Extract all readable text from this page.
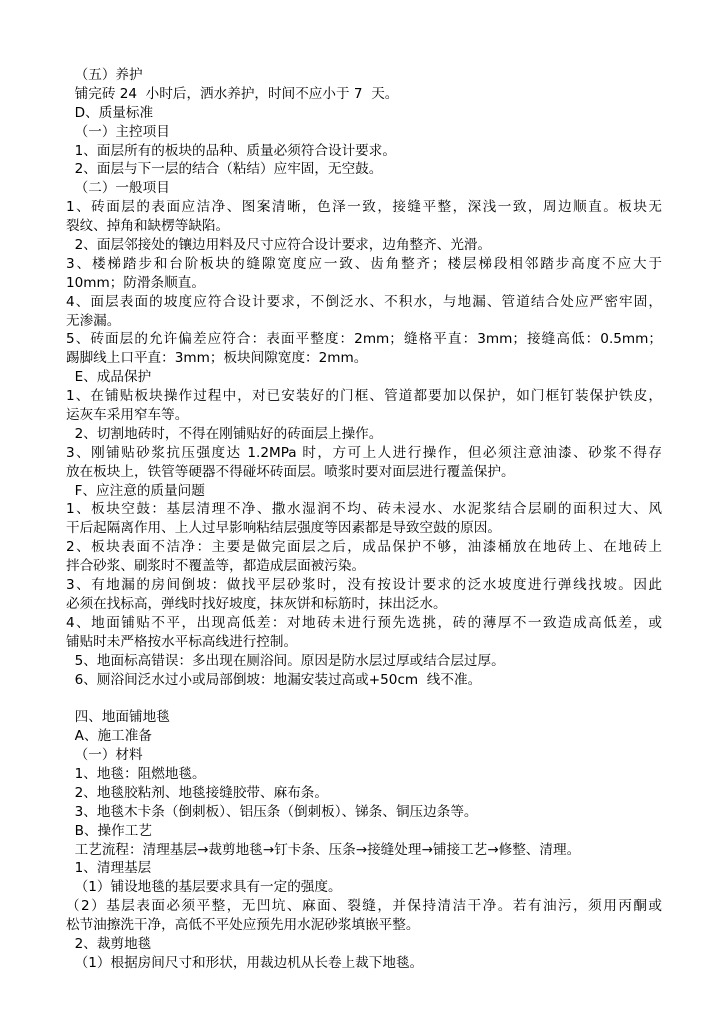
（五）养护
铺完砖 24  小时后，洒水养护，时间不应小于 7  天。
D、质量标准
（一）主控项目
1、面层所有的板块的品种、质量必须符合设计要求。
2、面层与下一层的结合（粘结）应牢固，无空鼓。
（二）一般项目
1、砖面层的表面应洁净、图案清晰，色泽一致，接缝平整，深浅一致，周边顺直。板块无
裂纹、掉角和缺楞等缺陷。
2、面层邻接处的镶边用料及尺寸应符合设计要求，边角整齐、光滑。
3、楼梯踏步和台阶板块的缝隙宽度应一致、齿角整齐；楼层梯段相邻踏步高度不应大于
10mm；防滑条顺直。
4、面层表面的坡度应符合设计要求，不倒泛水、不积水，与地漏、管道结合处应严密牢固，
无渗漏。
5、砖面层的允许偏差应符合：表面平整度：2mm；缝格平直：3mm；接缝高低：0.5mm；
踢脚线上口平直：3mm；板块间隙宽度：2mm。
E、成品保护
1、在铺贴板块操作过程中，对已安装好的门框、管道都要加以保护，如门框钉装保护铁皮，
运灰车采用窄车等。
2、切割地砖时，不得在刚铺贴好的砖面层上操作。
3、刚铺贴砂浆抗压强度达 1.2MPa 时，方可上人进行操作，但必须注意油漆、砂浆不得存
放在板块上，铁管等硬器不得碰坏砖面层。喷浆时要对面层进行覆盖保护。
F、应注意的质量问题
1、板块空鼓：基层清理不净、撒水湿润不均、砖未浸水、水泥浆结合层刷的面积过大、风
干后起隔离作用、上人过早影响粘结层强度等因素都是导致空鼓的原因。
2、板块表面不洁净：主要是做完面层之后，成品保护不够，油漆桶放在地砖上、在地砖上
拌合砂浆、刷浆时不覆盖等，都造成层面被污染。
3、有地漏的房间倒坡：做找平层砂浆时，没有按设计要求的泛水坡度进行弹线找坡。因此
必须在找标高，弹线时找好坡度，抹灰饼和标筋时，抹出泛水。
4、地面铺贴不平，出现高低差：对地砖未进行预先选挑，砖的薄厚不一致造成高低差，或
铺贴时未严格按水平标高线进行控制。
5、地面标高错误：多出现在厕浴间。原因是防水层过厚或结合层过厚。
6、厕浴间泛水过小或局部倒坡：地漏安装过高或+50cm  线不准。
四、地面铺地毯
A、施工准备
（一）材料
1、地毯：阻燃地毯。
2、地毯胶粘剂、地毯接缝胶带、麻布条。
3、地毯木卡条（倒刺板）、铝压条（倒刺板）、锑条、铜压边条等。
B、操作工艺
工艺流程：清理基层→裁剪地毯→钉卡条、压条→接缝处理→铺接工艺→修整、清理。
1、清理基层
（1）铺设地毯的基层要求具有一定的强度。
（2）基层表面必须平整，无凹坑、麻面、裂缝，并保持清洁干净。若有油污，须用丙酮或
松节油擦洗干净，高低不平处应预先用水泥砂浆填嵌平整。
2、裁剪地毯
（1）根据房间尺寸和形状，用裁边机从长卷上裁下地毯。
